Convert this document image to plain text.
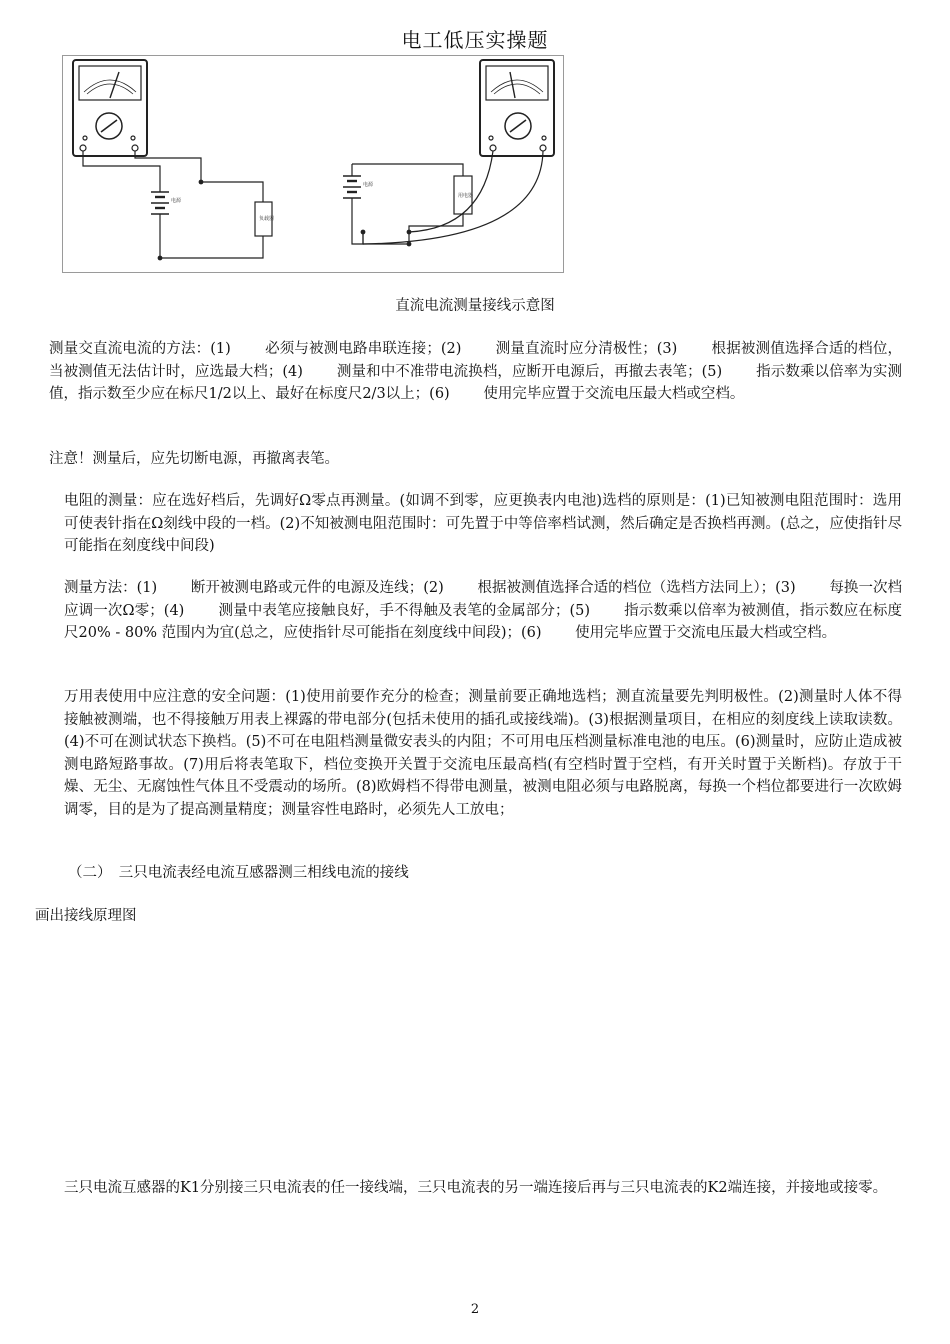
电工低压实操题
电源
电源
负载器
用电器
直流电流测量接线示意图

测量交直流电流的方法：(1)　　 必须与被测电路串联连接；(2)　　 测量直流时应分清极性；(3)　　 根据被测值选择合适的档位，当被测值无法估计时，应选最大档；(4)　　 测量和中不准带电流换档，应断开电源后，再撤去表笔；(5)　　 指示数乘以倍率为实测值，指示数至少应在标尺1/2以上、最好在标度尺2/3以上；(6)　　 使用完毕应置于交流电压最大档或空档。

注意！测量后，应先切断电源，再撤离表笔。

电阻的测量：应在选好档后，先调好Ω零点再测量。(如调不到零，应更换表内电池)选档的原则是：(1)已知被测电阻范围时：选用可使表针指在Ω刻线中段的一档。(2)不知被测电阻范围时：可先置于中等倍率档试测，然后确定是否换档再测。(总之，应使指针尽可能指在刻度线中间段)

测量方法：(1)　　 断开被测电路或元件的电源及连线；(2)　　 根据被测值选择合适的档位（选档方法同上）；(3)　　 每换一次档应调一次Ω零；(4)　　 测量中表笔应接触良好，手不得触及表笔的金属部分；(5)　　 指示数乘以倍率为被测值，指示数应在标度尺20% - 80% 范围内为宜(总之，应使指针尽可能指在刻度线中间段)；(6)　　 使用完毕应置于交流电压最大档或空档。

万用表使用中应注意的安全问题：(1)使用前要作充分的检查；测量前要正确地选档；测直流量要先判明极性。(2)测量时人体不得接触被测端，也不得接触万用表上裸露的带电部分(包括未使用的插孔或接线端)。(3)根据测量项目，在相应的刻度线上读取读数。(4)不可在测试状态下换档。(5)不可在电阻档测量微安表头的内阻；不可用电压档测量标准电池的电压。(6)测量时，应防止造成被测电路短路事故。(7)用后将表笔取下，档位变换开关置于交流电压最高档(有空档时置于空档，有开关时置于关断档)。存放于干燥、无尘、无腐蚀性气体且不受震动的场所。(8)欧姆档不得带电测量，被测电阻必须与电路脱离，每换一个档位都要进行一次欧姆调零，目的是为了提高测量精度；测量容性电路时，必须先人工放电；

（二）　三只电流表经电流互感器测三相线电流的接线

画出接线原理图

三只电流互感器的K1分别接三只电流表的任一接线端，三只电流表的另一端连接后再与三只电流表的K2端连接，并接地或接零。

2
